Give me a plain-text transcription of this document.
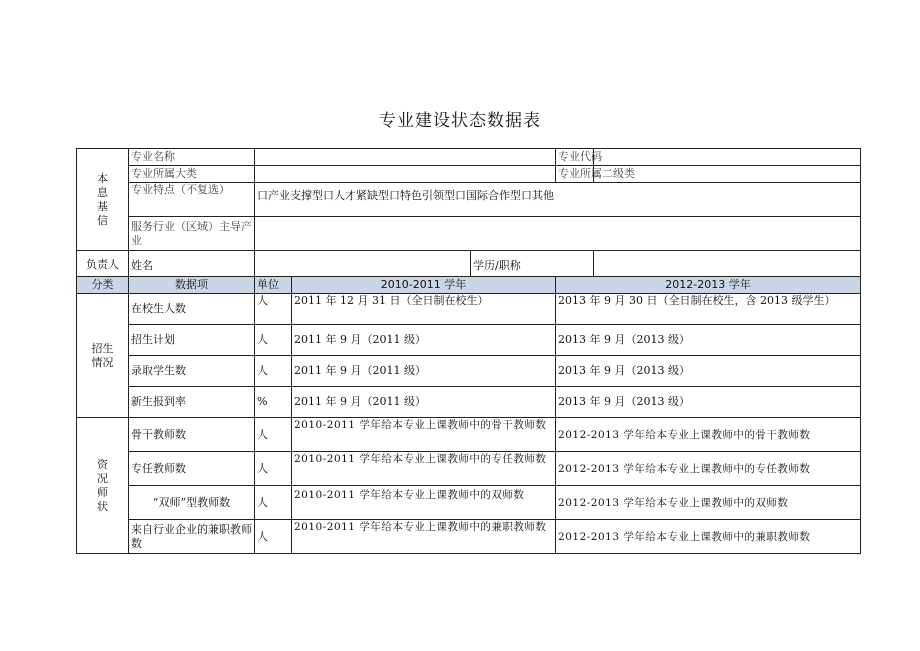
专业建设状态数据表
本
息
基
信	专业名称				专业代码	
	专业所属大类				专业所属二级类	
	专业特点（不复选）	口产业支撑型口人才紧缺型口特色引领型口国际合作型口其他				
	服务行业（区域）主导产业					
负责人	姓名			学历/职称		
分类	数据项	单位	2010-2011 学年		2012-2013 学年	

招生
情况	在校生人数	人	2011 年 12 月 31 日（全日制在校生）		2013 年 9 月 30 日（全日制在校生，含 2013 级学生）	
	招生计划	人	2011 年 9 月（2011 级）		2013 年 9 月（2013 级）	
	录取学生数	人	2011 年 9 月（2011 级）		2013 年 9 月（2013 级）	
	新生报到率	%	2011 年 9 月（2011 级）		2013 年 9 月（2013 级）	

资
况
师
状	骨干教师数	人	2010-2011 学年给本专业上课教师中的骨干教师数		2012-2013 学年给本专业上课教师中的骨干教师数	
	专任教师数	人	2010-2011 学年给本专业上课教师中的专任教师数		2012-2013 学年给本专业上课教师中的专任教师数	
	“双师”型教师数	人	2010-2011 学年给本专业上课教师中的双师数		2012-2013 学年给本专业上课教师中的双师数	
	来自行业企业的兼职教师数	人	2010-2011 学年给本专业上课教师中的兼职教师数		2012-2013 学年给本专业上课教师中的兼职教师数	
